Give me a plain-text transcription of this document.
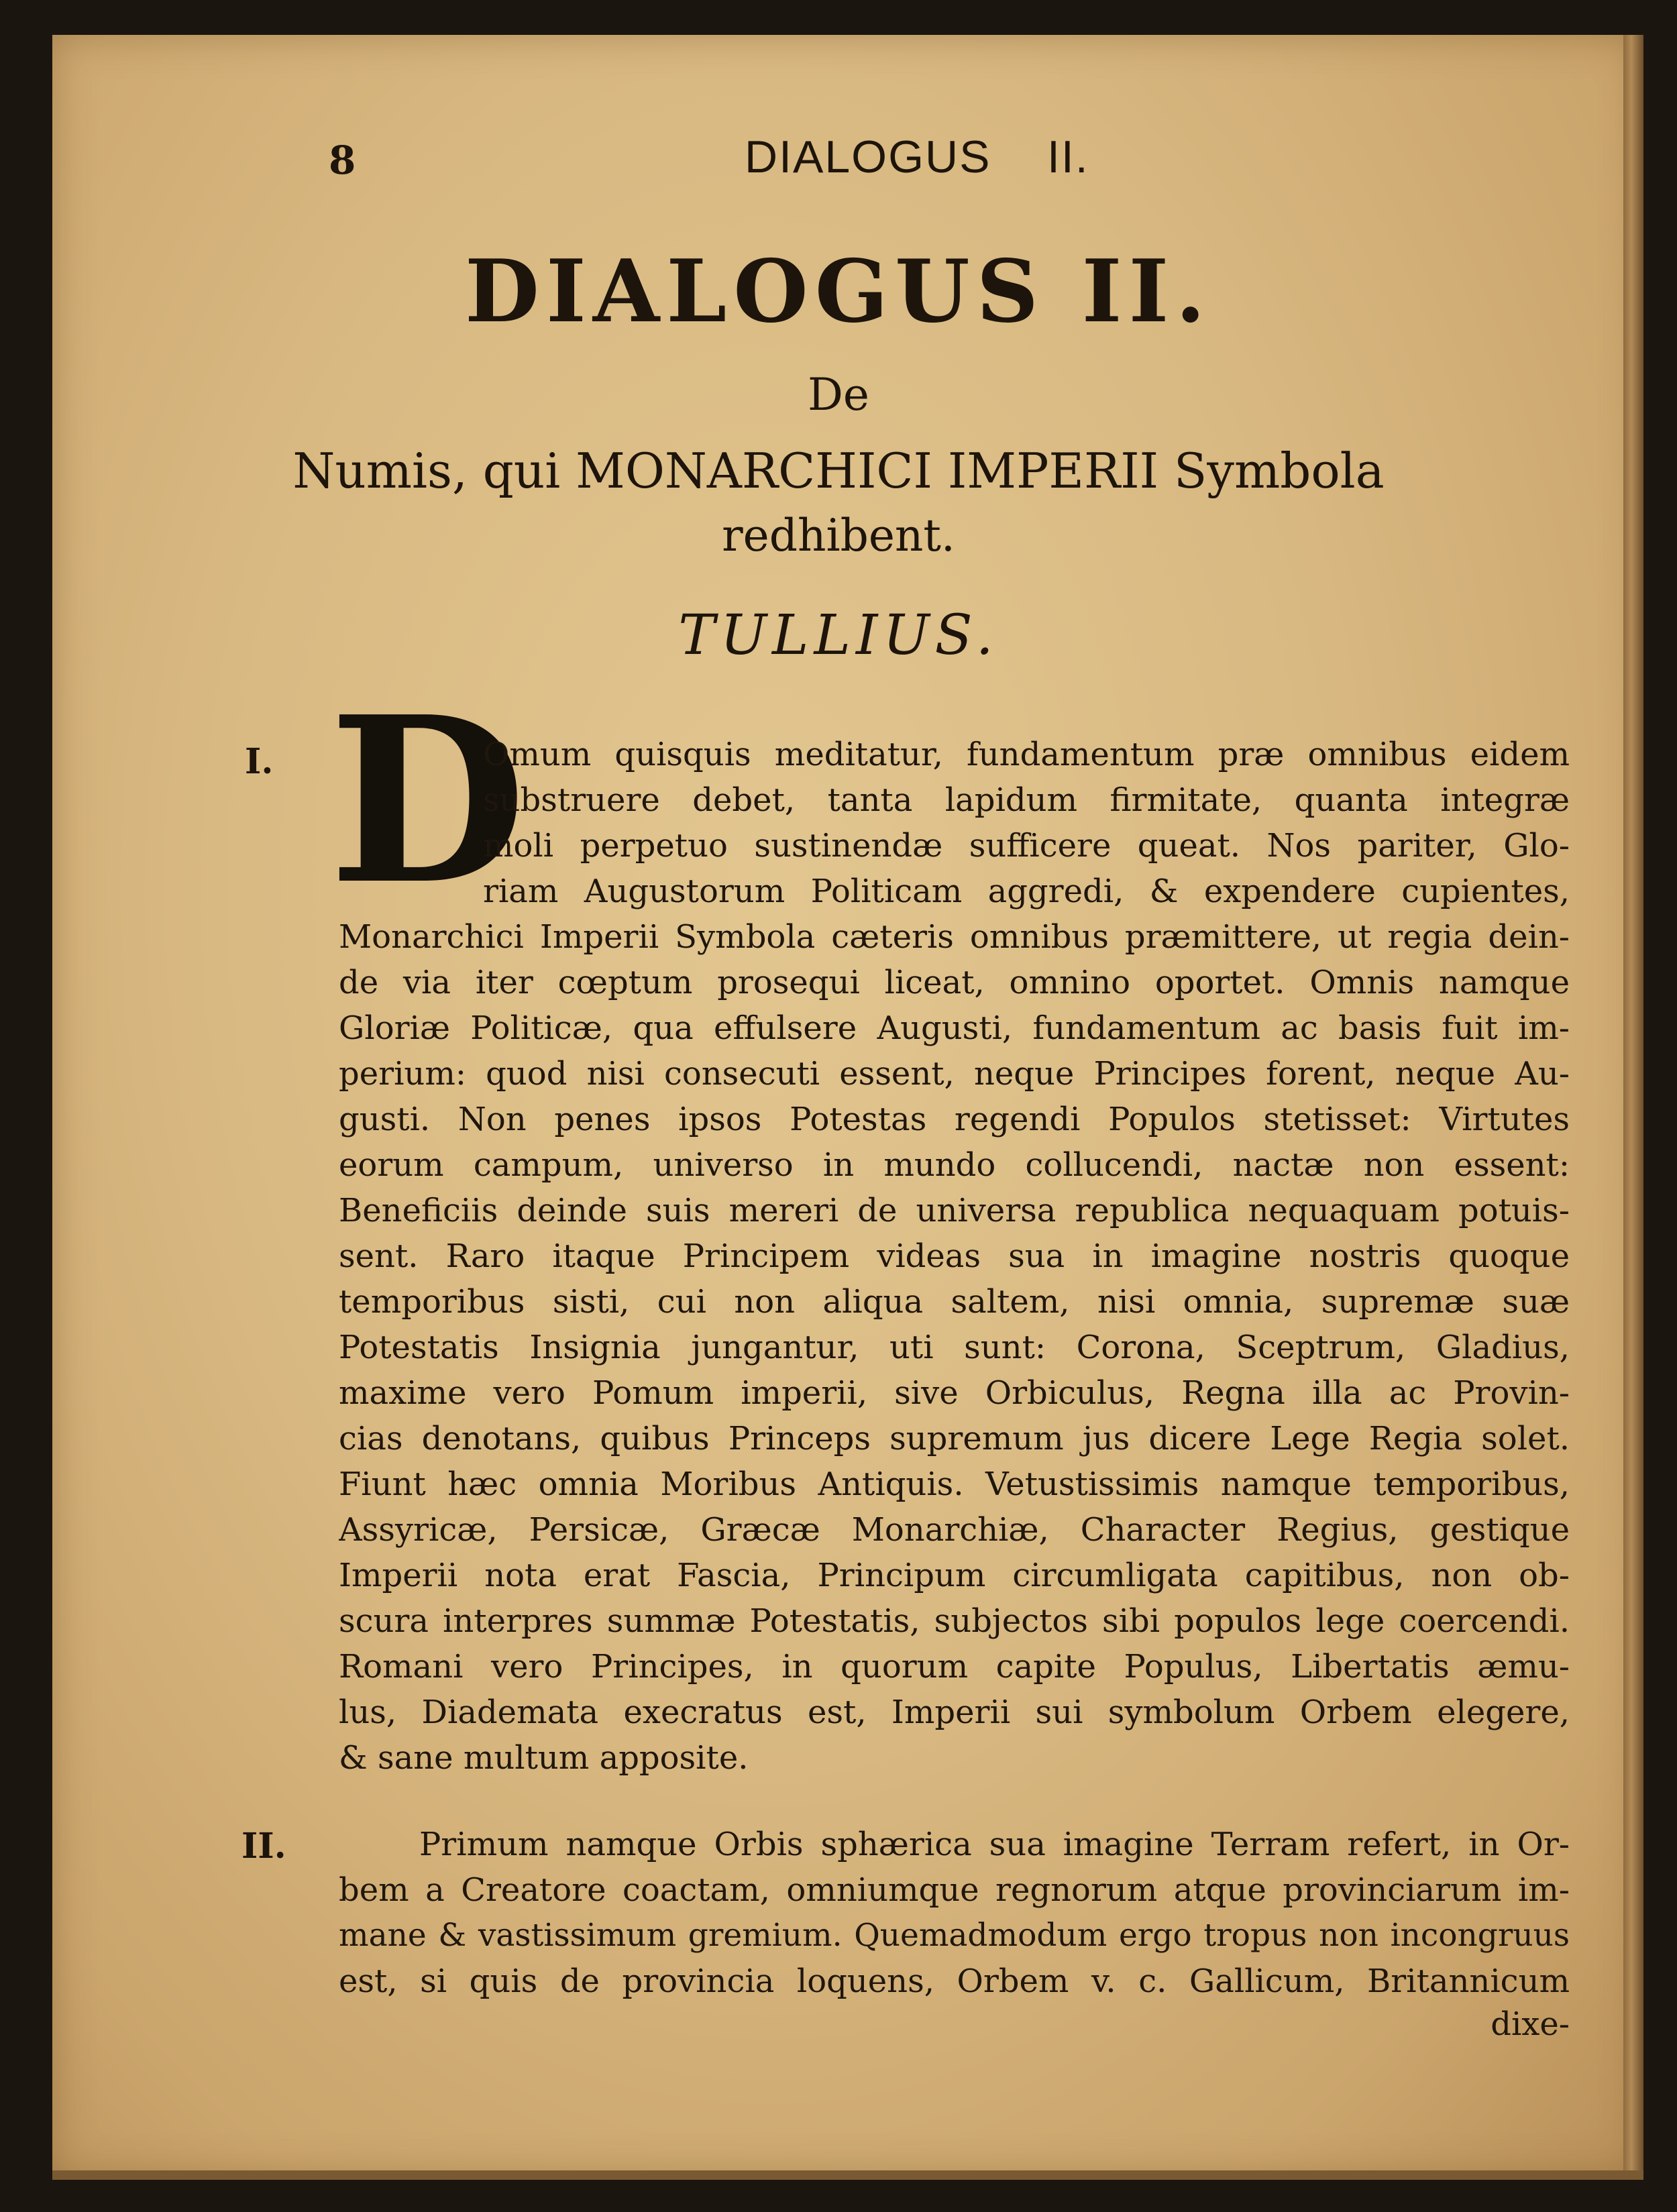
8	DIALOGUS    II.
DIALOGUS II.
De
Numis, qui MONARCHICI IMPERII Symbola
redhibent.
TULLIUS.
I. D
Omum quisquis meditatur, fundamentum præ omnibus eidem
substruere debet, tanta lapidum firmitate, quanta integræ
moli perpetuo sustinendæ sufficere queat. Nos pariter, Glo-
riam Augustorum Politicam aggredi, & expendere cupientes,
Monarchici Imperii Symbola cæteris omnibus præmittere, ut regia dein-
de via iter cœptum prosequi liceat, omnino oportet. Omnis namque
Gloriæ Politicæ, qua effulsere Augusti, fundamentum ac basis fuit im-
perium: quod nisi consecuti essent, neque Principes forent, neque Au-
gusti. Non penes ipsos Potestas regendi Populos stetisset: Virtutes
eorum campum, universo in mundo collucendi, nactæ non essent:
Beneficiis deinde suis mereri de universa republica nequaquam potuis-
sent. Raro itaque Principem videas sua in imagine nostris quoque
temporibus sisti, cui non aliqua saltem, nisi omnia, supremæ suæ
Potestatis Insignia jungantur, uti sunt: Corona, Sceptrum, Gladius,
maxime vero Pomum imperii, sive Orbiculus, Regna illa ac Provin-
cias denotans, quibus Princeps supremum jus dicere Lege Regia solet.
Fiunt hæc omnia Moribus Antiquis. Vetustissimis namque temporibus,
Assyricæ, Persicæ, Græcæ Monarchiæ, Character Regius, gestique
Imperii nota erat Fascia, Principum circumligata capitibus, non ob-
scura interpres summæ Potestatis, subjectos sibi populos lege coercendi.
Romani vero Principes, in quorum capite Populus, Libertatis æmu-
lus, Diademata execratus est, Imperii sui symbolum Orbem elegere,
& sane multum apposite.
II.	Primum namque Orbis sphærica sua imagine Terram refert, in Or-
bem a Creatore coactam, omniumque regnorum atque provinciarum im-
mane & vastissimum gremium. Quemadmodum ergo tropus non incongruus
est, si quis de provincia loquens, Orbem v. c. Gallicum, Britannicum
dixe-
